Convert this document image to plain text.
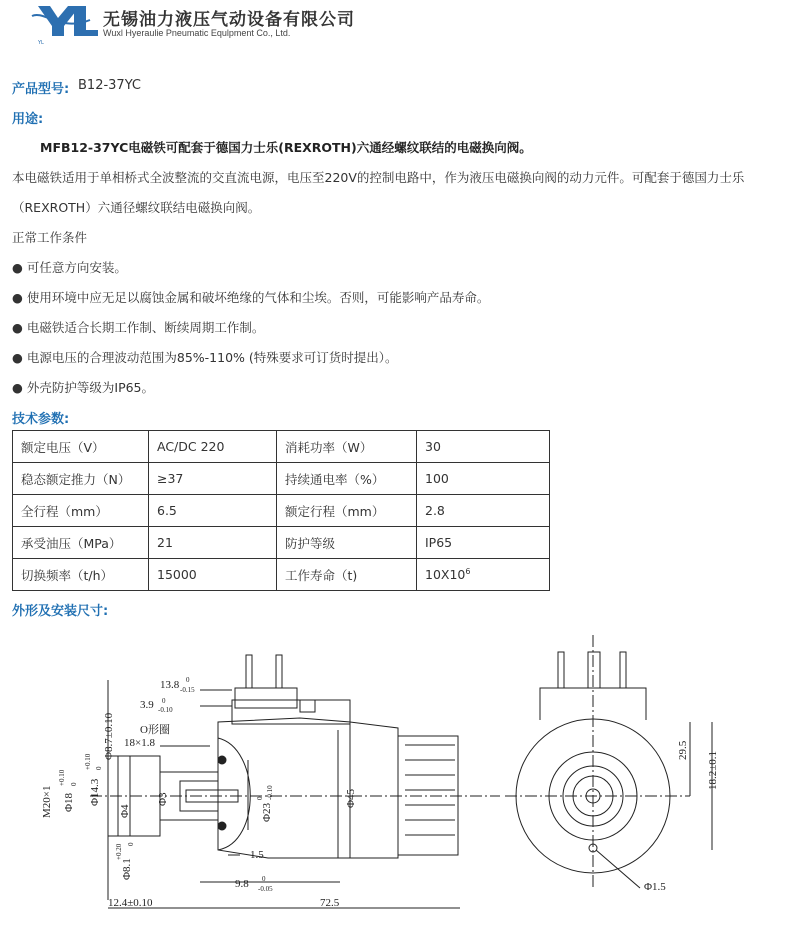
YL
无锡油力液压气动设备有限公司
Wuxl Hyeraulie Pneumatic Equlpment Co., Ltd.
产品型号: B12-37YC
用途:
MFB12-37YC电磁铁可配套于德国力士乐(REXROTH)六通经螺纹联结的电磁换向阀。
本电磁铁适用于单相桥式全波整流的交直流电源，电压至220V的控制电路中，作为液压电磁换向阀的动力元件。可配套于德国力士乐
（REXROTH）六通径螺纹联结电磁换向阀。
正常工作条件
● 可任意方向安装。
● 使用环境中应无足以腐蚀金属和破坏绝缘的气体和尘埃。否则，可能影响产品寿命。
● 电磁铁适合长期工作制、断续周期工作制。
● 电源电压的合理波动范围为85%-110% (特殊要求可订货时提出）。
● 外壳防护等级为IP65。
技术参数:
额定电压（V）	AC/DC 220	消耗功率（W）	30
稳态额定推力（N）	≥37	持续通电率（%）	100
全行程（mm）	6.5	额定行程（mm）	2.8
承受油压（MPa）	21	防护等级	IP65
切换频率（t/h）	15000	工作寿命（t)	$10X10^6$
外形及安装尺寸:
13.8 0
-0.15
3.9 0
-0.10
O形圈
18×1.8
Φ8.7±0.10
M20×1 Φ18
+0.10 0 Φ14.3
+0.10 0
Φ4
Φ3
Φ23
0 -0.10	Φ45
Φ8.1
+0.20 0
1.5
9.8 0
-0.05
12.4±0.10	72.5
29.5
18.2±0.1
Φ1.5
